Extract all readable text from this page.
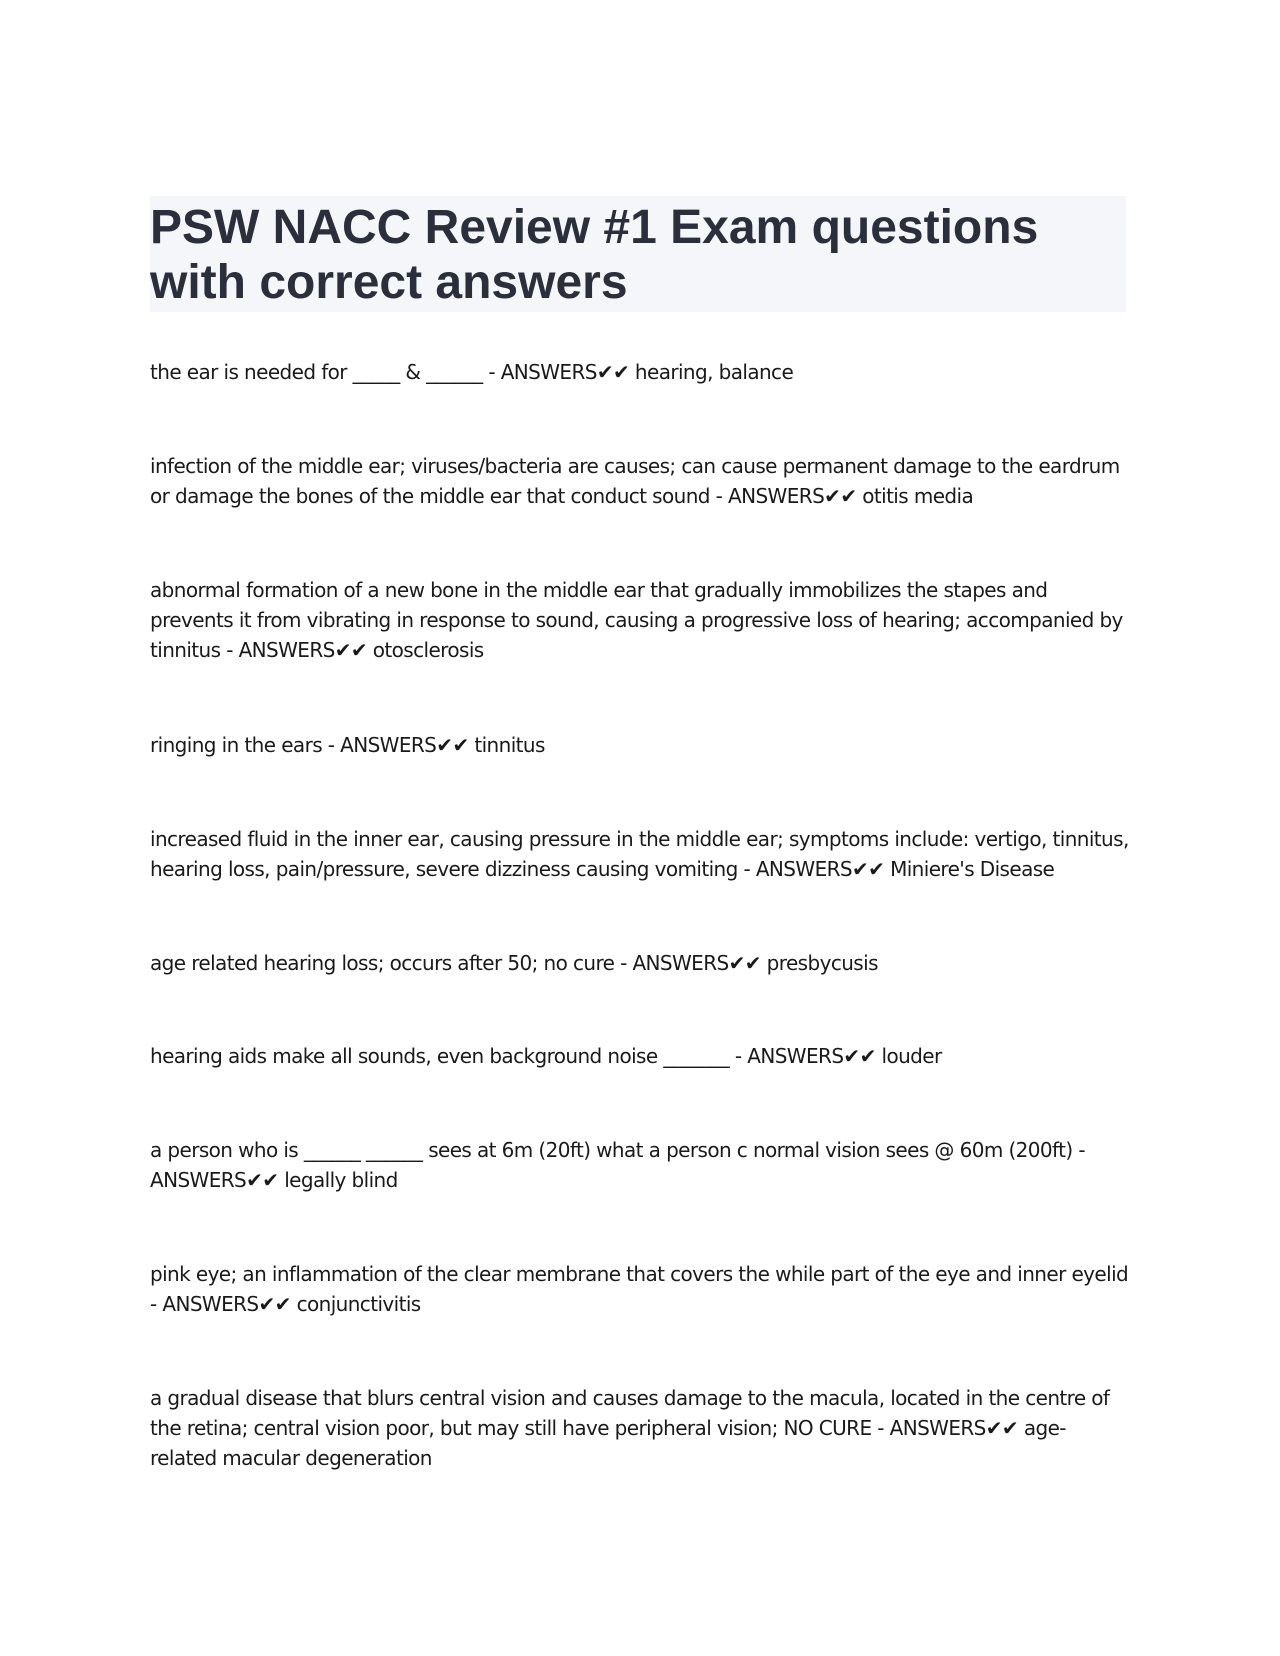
PSW NACC Review #1 Exam questions with correct answers

the ear is needed for _____ & ______ - ANSWERS✔✔ hearing, balance

infection of the middle ear; viruses/bacteria are causes; can cause permanent damage to the eardrum or damage the bones of the middle ear that conduct sound - ANSWERS✔✔ otitis media

abnormal formation of a new bone in the middle ear that gradually immobilizes the stapes and prevents it from vibrating in response to sound, causing a progressive loss of hearing; accompanied by tinnitus - ANSWERS✔✔ otosclerosis

ringing in the ears - ANSWERS✔✔ tinnitus

increased fluid in the inner ear, causing pressure in the middle ear; symptoms include: vertigo, tinnitus, hearing loss, pain/pressure, severe dizziness causing vomiting - ANSWERS✔✔ Miniere's Disease

age related hearing loss; occurs after 50; no cure - ANSWERS✔✔ presbycusis

hearing aids make all sounds, even background noise _______ - ANSWERS✔✔ louder

a person who is ______ ______ sees at 6m (20ft) what a person c normal vision sees @ 60m (200ft) - ANSWERS✔✔ legally blind

pink eye; an inflammation of the clear membrane that covers the while part of the eye and inner eyelid - ANSWERS✔✔ conjunctivitis

a gradual disease that blurs central vision and causes damage to the macula, located in the centre of the retina; central vision poor, but may still have peripheral vision; NO CURE - ANSWERS✔✔ age-related macular degeneration
